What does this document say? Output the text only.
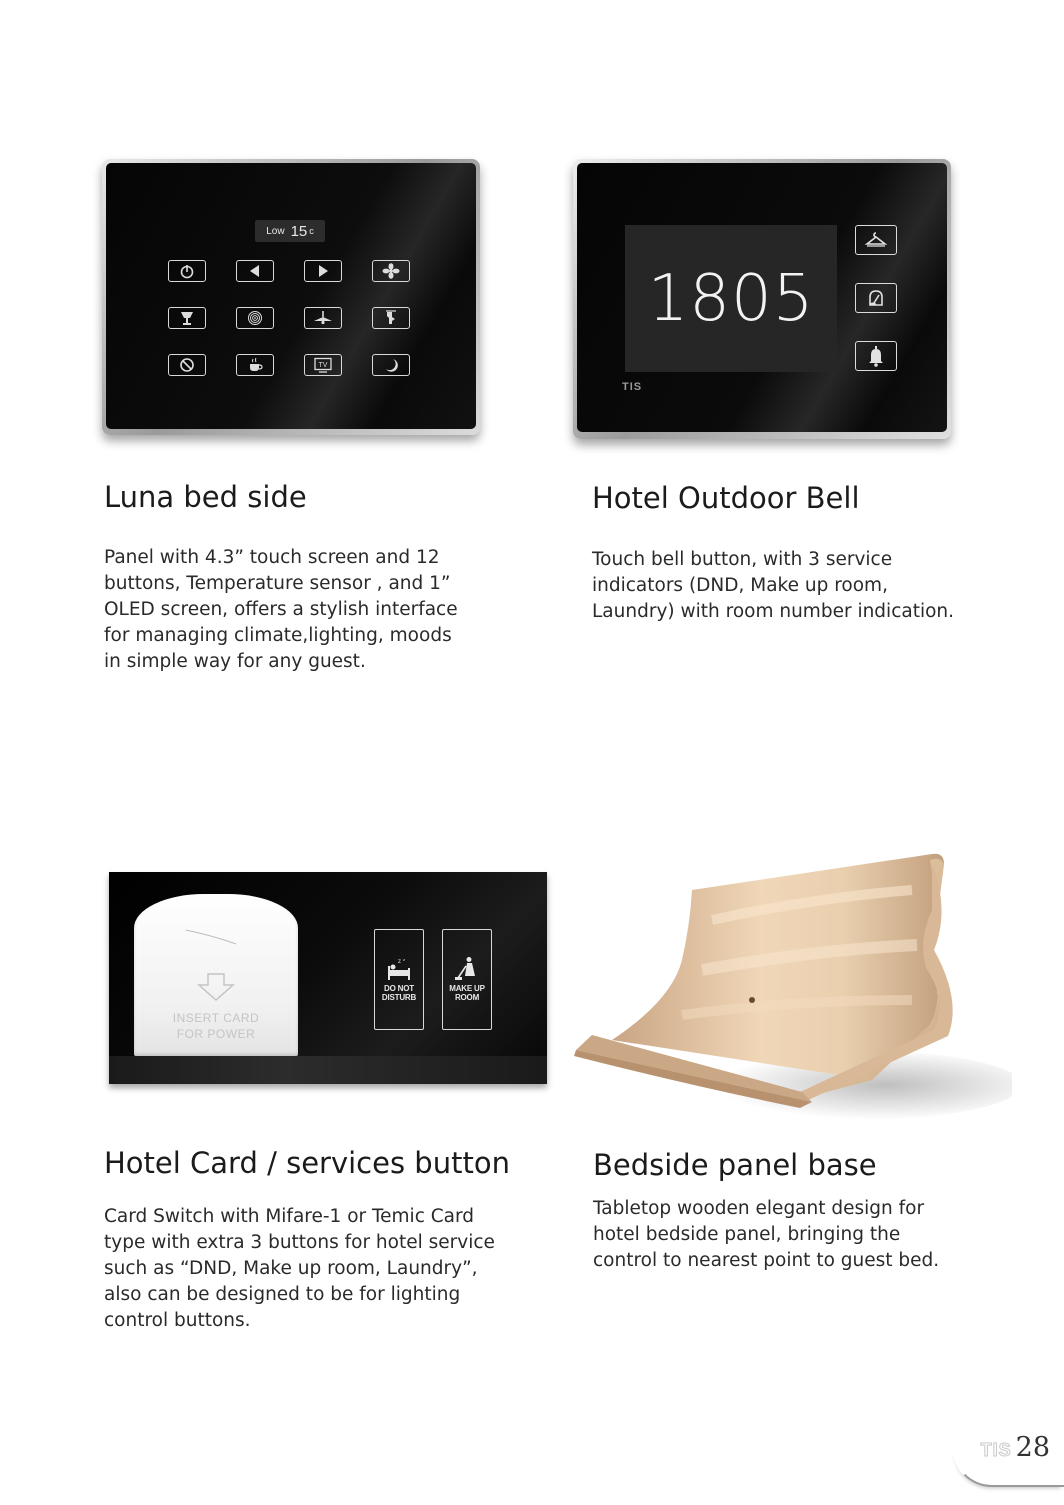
Low 15 c
TV
Luna bed side

Panel with 4.3” touch screen and 12
buttons, Temperature sensor , and 1”
OLED screen, offers a stylish interface
for managing climate,lighting, moods
in simple way for any guest.

1805
TIS
Hotel Outdoor Bell

Touch bell button, with 3 service
indicators (DND, Make up room,
Laundry) with room number indication.

INSERT CARD
FOR POWER
z z
DO NOT
DISTURB
MAKE UP
ROOM
Hotel Card / services button

Card Switch with Mifare-1 or Temic Card
type with extra 3 buttons for hotel service
such as “DND, Make up room, Laundry”,
also can be designed to be for lighting
control buttons.

Bedside panel base

Tabletop wooden elegant design for
hotel bedside panel, bringing the
control to nearest point to guest bed.

TIS 28
